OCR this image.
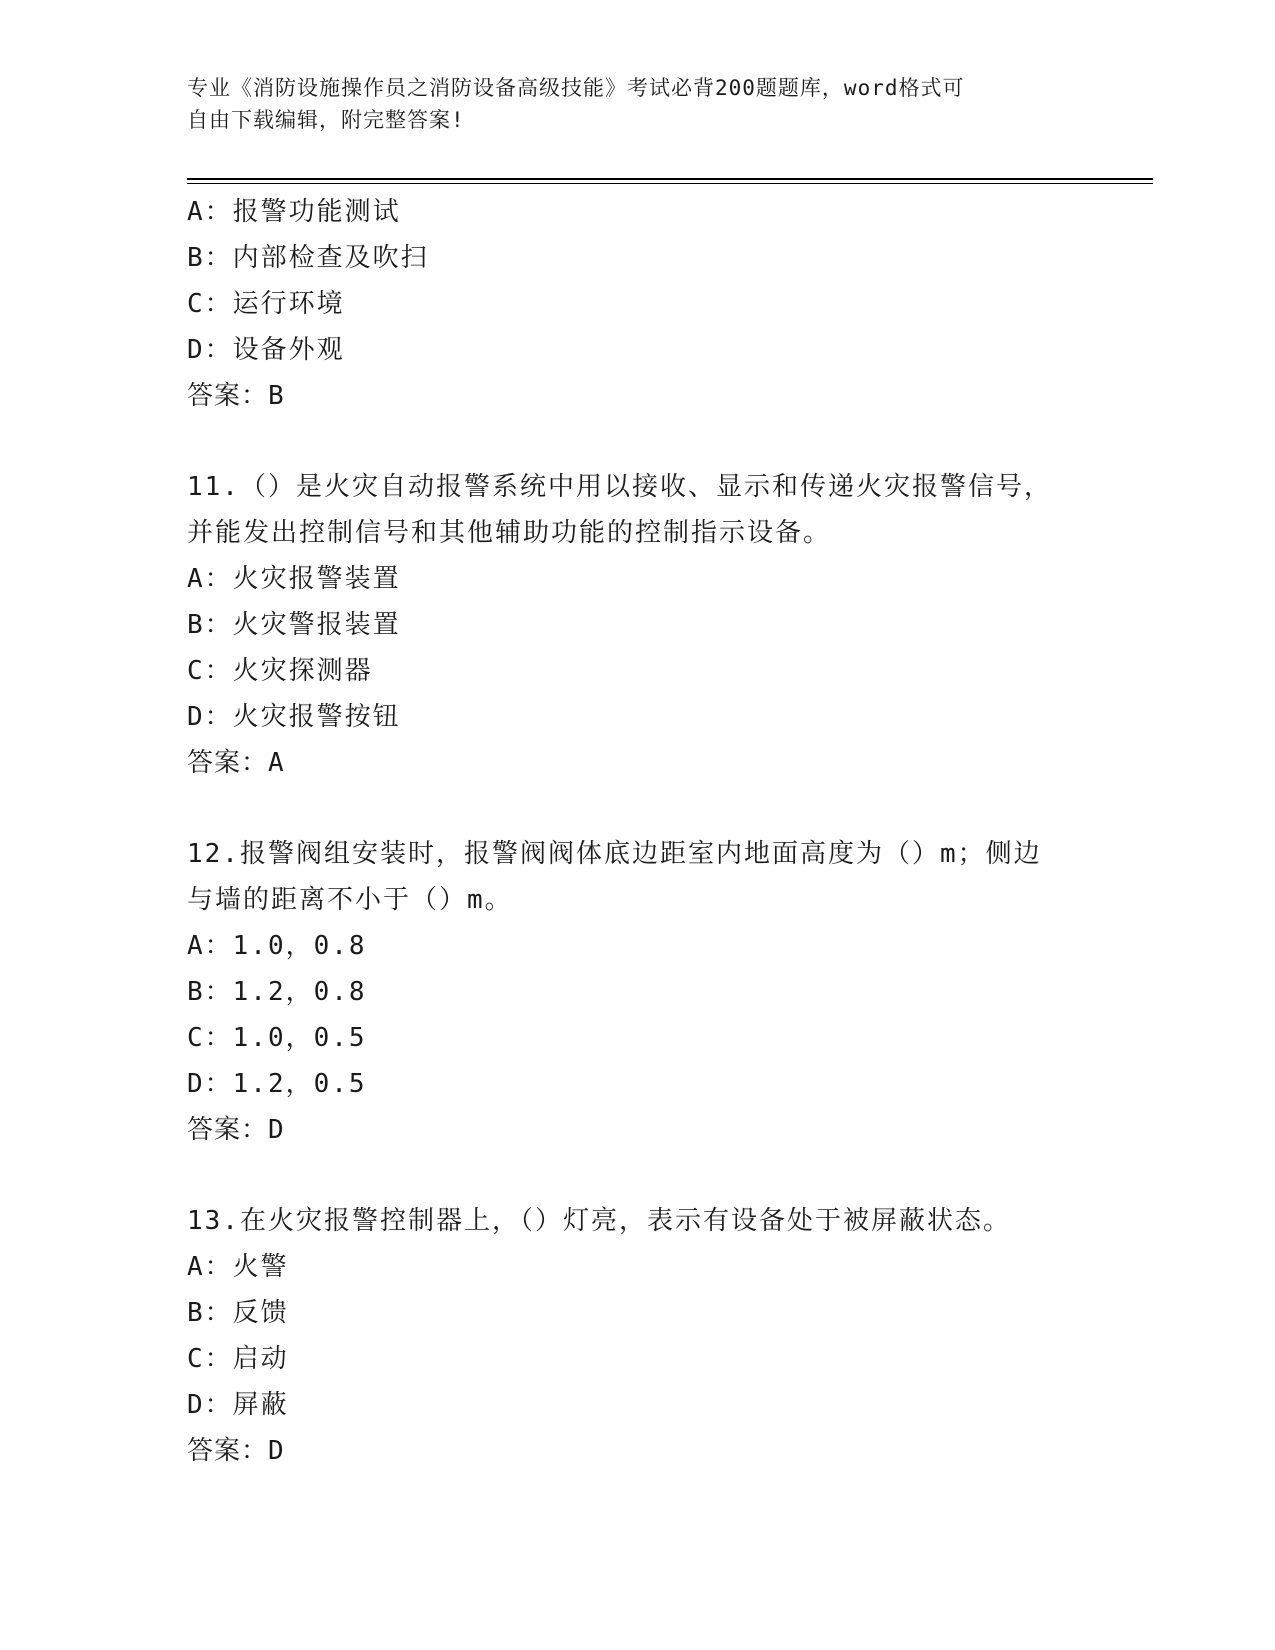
专业《消防设施操作员之消防设备高级技能》考试必背200题题库，word格式可
自由下载编辑，附完整答案!
A：报警功能测试
B：内部检查及吹扫
C：运行环境
D：设备外观
答案：B
11.（）是火灾自动报警系统中用以接收、显示和传递火灾报警信号，
并能发出控制信号和其他辅助功能的控制指示设备。
A：火灾报警装置
B：火灾警报装置
C：火灾探测器
D：火灾报警按钮
答案：A
12.报警阀组安装时，报警阀阀体底边距室内地面高度为（）m；侧边
与墙的距离不小于（）m。
A：1.0，0.8
B：1.2，0.8
C：1.0，0.5
D：1.2，0.5
答案：D
13.在火灾报警控制器上，（）灯亮，表示有设备处于被屏蔽状态。
A：火警
B：反馈
C：启动
D：屏蔽
答案：D
